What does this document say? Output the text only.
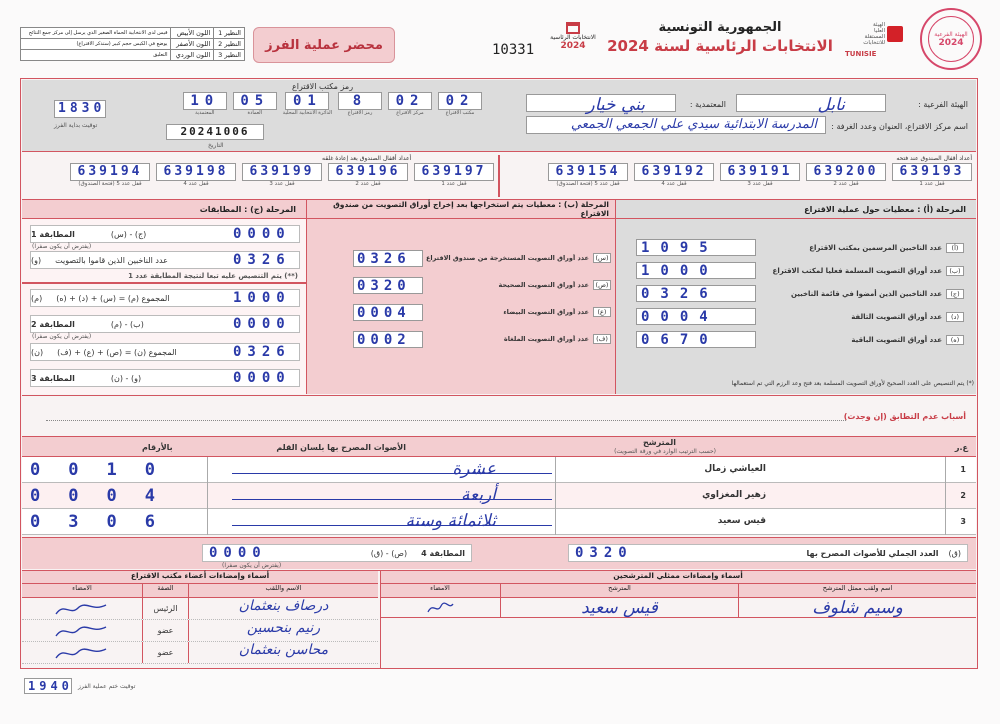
الهيئة الفرعية
2024
الهيئة
العليا
المستقلة
للانتخابات
TUNISIE
الجمهورية التونسية
الانتخابات الرئاسية لسنة 2024
الانتخابات الرئاسية
2024
10331
محضر عملية الفرز
النظير 1	اللون الأبيض	قيس لدى الانتخابية الحماة الصغير الذي يرسل إلى مركز جمع النتائج
النظير 2	اللون الأصفر	يوضع في الكيس حجم كبير (ستذكر الاقتراع)
النظير 3	اللون الوردي	التعليق
الهيئة الفرعية :
نابل
المعتمدية :
بني خيار
اسم مركز الاقتراع، العنوان وعدد الغرفة :
المدرسة الابتدائية سيدي علي الجمعي الجمعي
رمز مكتب الاقتراع
02
مكتب الاقتراع
02
مركز الاقتراع
8
رمز الاقتراع
01
الدائرة الانتخابية المحلية
05
العمادة
10
المعتمدية
1830
توقيت بداية الفرز	20241006
التاريخ
أعداد أقفال الصندوق عند فتحه
639193
قفل عدد 1
639200
قفل عدد 2
639191
قفل عدد 3
639192
قفل عدد 4
639154
قفل عدد 5 (فتحة الصندوق)
أعداد أقفال الصندوق بعد إعادة غلقه
639197
قفل عدد 1
639196
قفل عدد 2
639199
قفل عدد 3
639198
قفل عدد 4
639194
قفل عدد 5 (فتحة الصندوق)
المرحلة (أ) : معطيات حول عملية الاقتراع
المرحلة (ب) : معطيات يتم استخراجها بعد إخراج أوراق التصويت من صندوق الاقتراع
المرحلة (ج) : المطابقات
(أ)
عدد الناخبين المرسمين بمكتب الاقتراع
1095
(ب)
عدد أوراق التصويت المسلمة فعليا لمكتب الاقتراع
1000
(ج)
عدد الناخبين الذين أمضوا في قائمة الناخبين
0326
(د)
عدد أوراق التصويت التالفة
0004
(ه)
عدد أوراق التصويت الباقية
0670
(*) يتم التنصيص على العدد الصحيح لأوراق التصويت المسلمة بعد فتح وعد الرزم التي تم استعمالها
(س)
عدد أوراق التصويت المستخرجة من صندوق الاقتراع
0326
(ص)
عدد أوراق التصويت الصحيحة
0320
(ع)
عدد أوراق التصويت البيضاء
0004
(ف)
عدد أوراق التصويت الملغاة
0002
0000
(ج) - (س)
المطابقة 1
(يفترض أن يكون صفرا)
0326
عدد الناخبين الذين قاموا بالتصويت
(و)
(**) يتم التنصيص عليه تبعا لنتيجة المطابقة عدد 1
1000
المجموع (م) = (س) + (د) + (ه)
(م)
0000
(ب) - (م)
المطابقة 2
(يفترض أن يكون صفرا)
0326
المجموع (ن) = (ص) + (ع) + (ف)
(ن)
0000
(و) - (ن)
المطابقة 3
أسباب عدم التطابق (إن وجدت)
ع.ر
المترشح
(حسب الترتيب الوارد في ورقة التصويت)
الأصوات المصرح بها بلسان القلم
بالأرقام
1
العياشي زمال
عشرة
0010
2
زهير المغزاوي
أربعة
0004
3
قيس سعيد
ثلاثمائة وستة
0306
(ق)
العدد الجملي للأصوات المصرح بها
0320
المطابقة 4
(ص) - (ق)
0000
(يفترض أن يكون صفرا)
أسماء وإمضاءات ممثلي المترشحين
اسم ولقب ممثل المترشح
المترشح
الامضاء
وسيم شلوف
قيس سعيد
أسماء وإمضاءات أعضاء مكتب الاقتراع
الاسم واللقب
الصفة
الامضاء
درصاف بنعثمان
الرئيس
رنيم بنحسين
عضو
محاسن بنعثمان
عضو
1940 توقيت ختم عملية الفرز
